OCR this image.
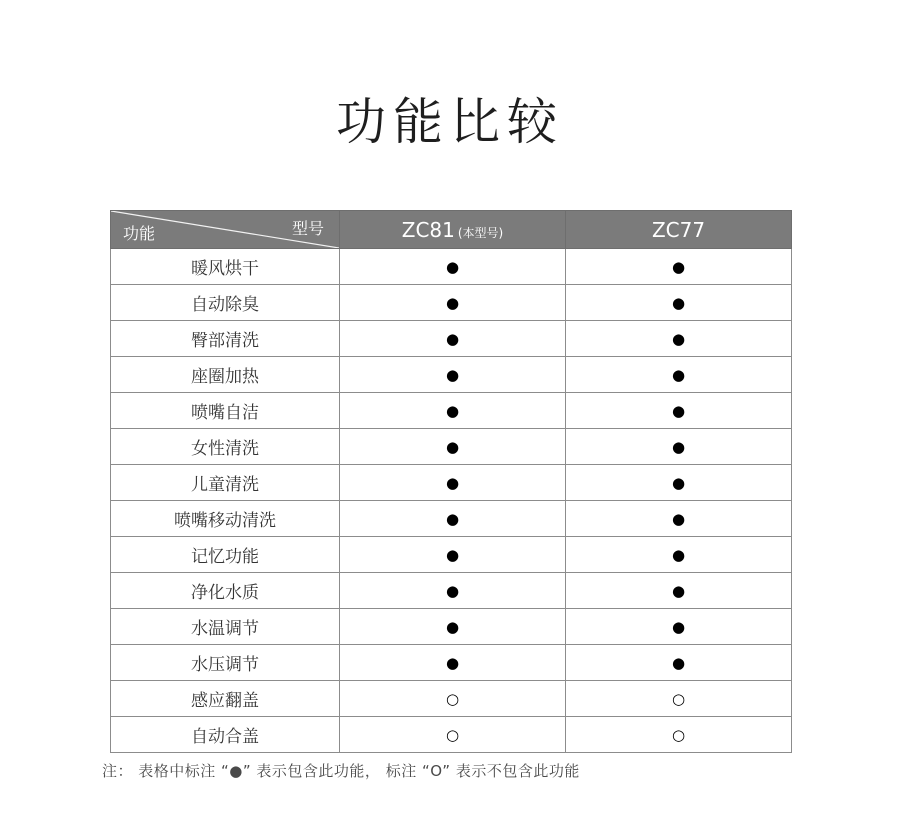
功能比较
型号
功能	ZC81 (本型号)	ZC77
暖风烘干	●	●
自动除臭	●	●
臀部清洗	●	●
座圈加热	●	●
喷嘴自洁	●	●
女性清洗	●	●
儿童清洗	●	●
喷嘴移动清洗	●	●
记忆功能	●	●
净化水质	●	●
水温调节	●	●
水压调节	●	●
感应翻盖	○	○
自动合盖	○	○
注： 表格中标注 “●” 表示包含此功能， 标注 “O” 表示不包含此功能
